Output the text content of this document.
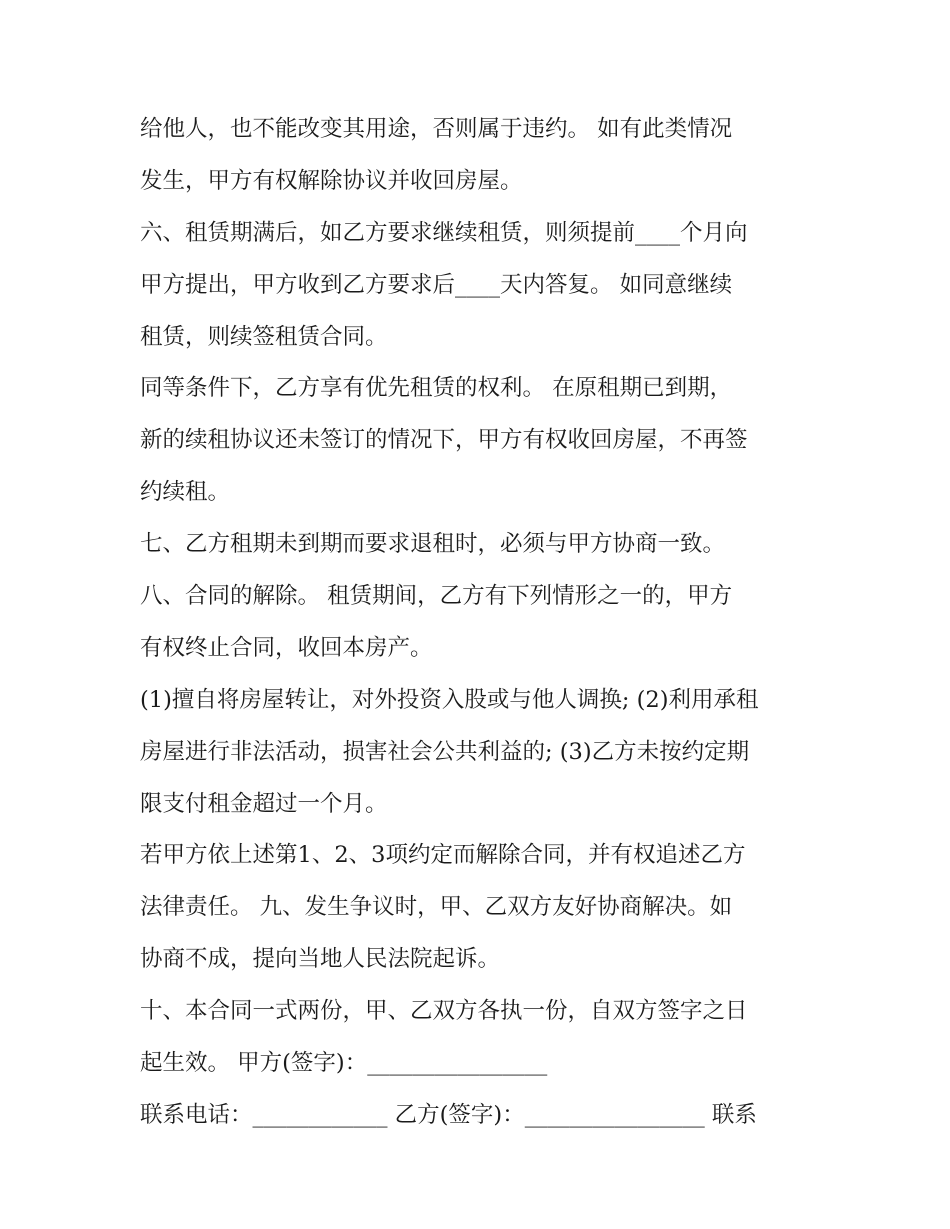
给他人，也不能改变其用途，否则属于违约。 如有此类情况
发生，甲方有权解除协议并收回房屋。
六、租赁期满后，如乙方要求继续租赁，则须提前____个月向
甲方提出，甲方收到乙方要求后____天内答复。 如同意继续
租赁，则续签租赁合同。
同等条件下，乙方享有优先租赁的权利。 在原租期已到期，
新的续租协议还未签订的情况下，甲方有权收回房屋，不再签
约续租。
七、乙方租期未到期而要求退租时，必须与甲方协商一致。
八、合同的解除。 租赁期间，乙方有下列情形之一的，甲方
有权终止合同，收回本房产。
(1)擅自将房屋转让，对外投资入股或与他人调换; (2)利用承租
房屋进行非法活动，损害社会公共利益的; (3)乙方未按约定期
限支付租金超过一个月。
若甲方依上述第1、2、3项约定而解除合同，并有权追述乙方
法律责任。 九、发生争议时，甲、乙双方友好协商解决。如
协商不成，提向当地人民法院起诉。
十、本合同一式两份，甲、乙双方各执一份，自双方签字之日
起生效。 甲方(签字)：________________
联系电话：____________ 乙方(签字)：________________ 联系
